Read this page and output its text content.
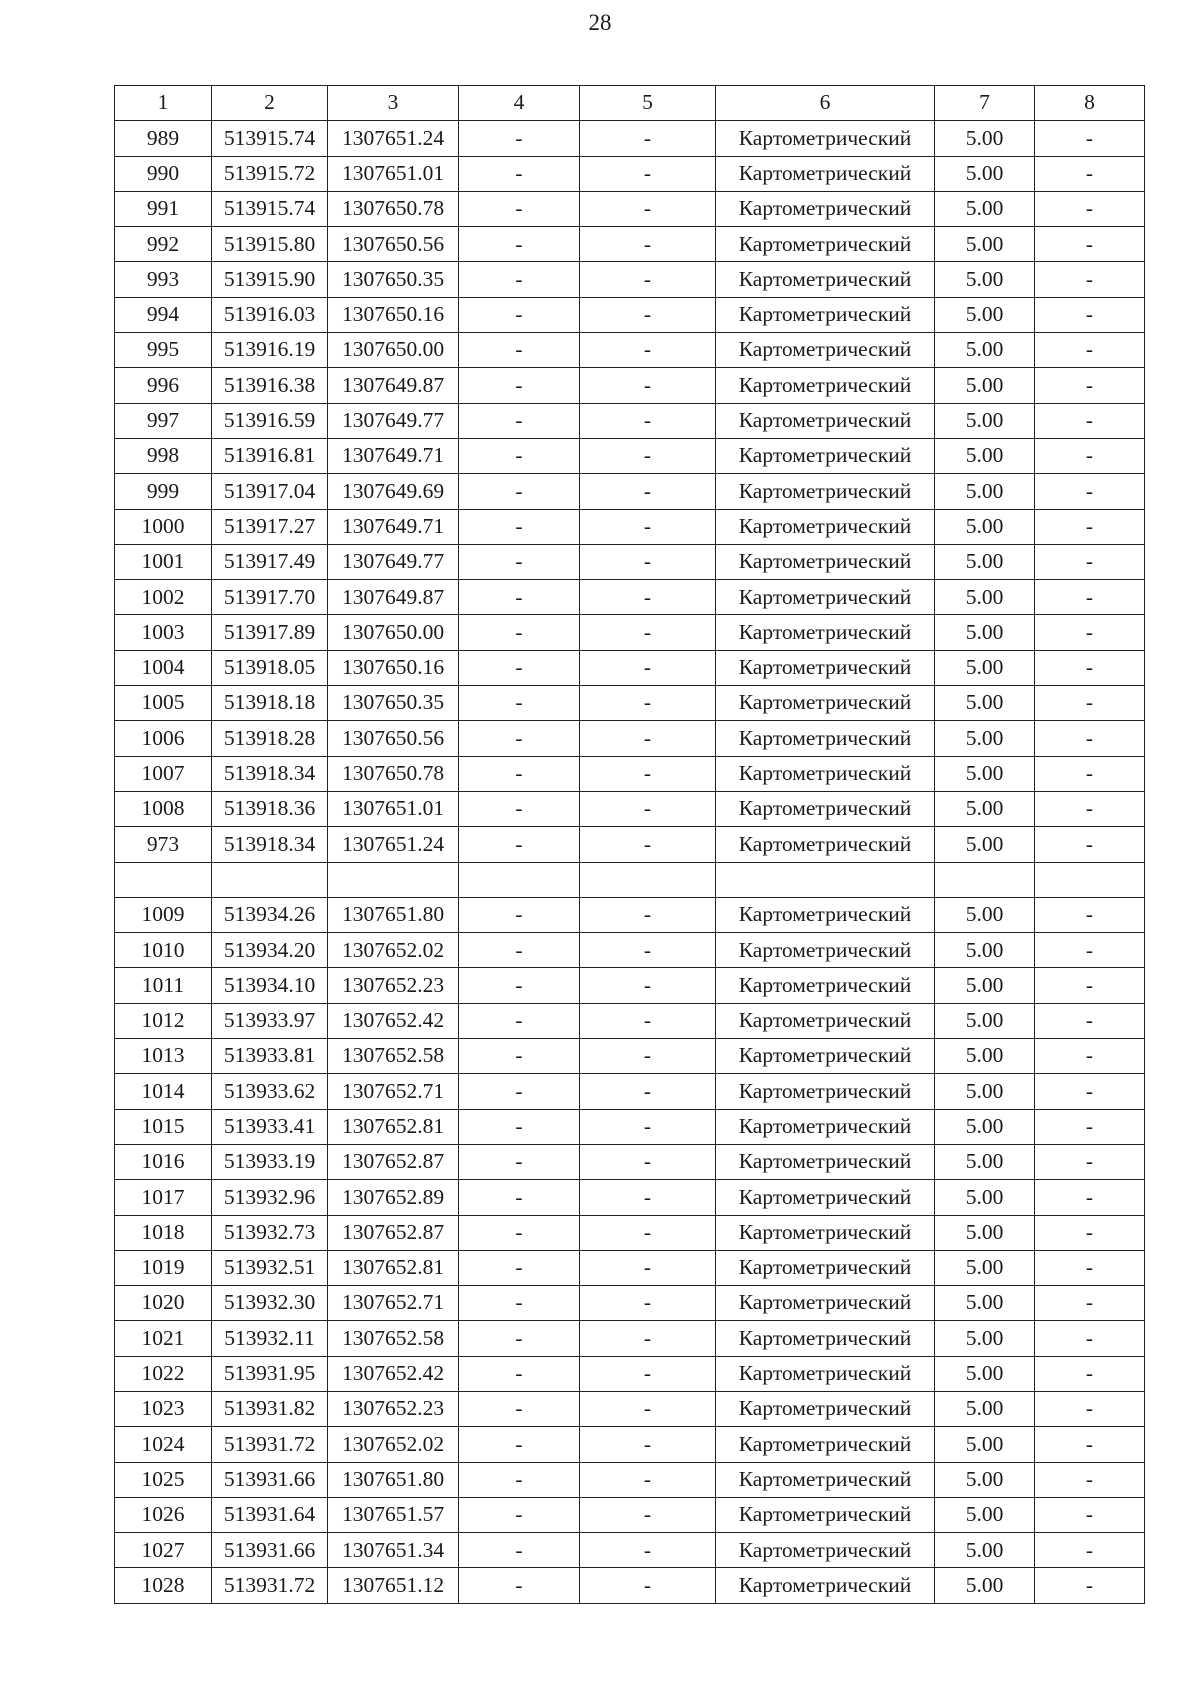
28
1	2	3	4	5	6	7	8
989	513915.74	1307651.24	-	-	Картометрический	5.00	-
990	513915.72	1307651.01	-	-	Картометрический	5.00	-
991	513915.74	1307650.78	-	-	Картометрический	5.00	-
992	513915.80	1307650.56	-	-	Картометрический	5.00	-
993	513915.90	1307650.35	-	-	Картометрический	5.00	-
994	513916.03	1307650.16	-	-	Картометрический	5.00	-
995	513916.19	1307650.00	-	-	Картометрический	5.00	-
996	513916.38	1307649.87	-	-	Картометрический	5.00	-
997	513916.59	1307649.77	-	-	Картометрический	5.00	-
998	513916.81	1307649.71	-	-	Картометрический	5.00	-
999	513917.04	1307649.69	-	-	Картометрический	5.00	-
1000	513917.27	1307649.71	-	-	Картометрический	5.00	-
1001	513917.49	1307649.77	-	-	Картометрический	5.00	-
1002	513917.70	1307649.87	-	-	Картометрический	5.00	-
1003	513917.89	1307650.00	-	-	Картометрический	5.00	-
1004	513918.05	1307650.16	-	-	Картометрический	5.00	-
1005	513918.18	1307650.35	-	-	Картометрический	5.00	-
1006	513918.28	1307650.56	-	-	Картометрический	5.00	-
1007	513918.34	1307650.78	-	-	Картометрический	5.00	-
1008	513918.36	1307651.01	-	-	Картометрический	5.00	-
973	513918.34	1307651.24	-	-	Картометрический	5.00	-

1009	513934.26	1307651.80	-	-	Картометрический	5.00	-
1010	513934.20	1307652.02	-	-	Картометрический	5.00	-
1011	513934.10	1307652.23	-	-	Картометрический	5.00	-
1012	513933.97	1307652.42	-	-	Картометрический	5.00	-
1013	513933.81	1307652.58	-	-	Картометрический	5.00	-
1014	513933.62	1307652.71	-	-	Картометрический	5.00	-
1015	513933.41	1307652.81	-	-	Картометрический	5.00	-
1016	513933.19	1307652.87	-	-	Картометрический	5.00	-
1017	513932.96	1307652.89	-	-	Картометрический	5.00	-
1018	513932.73	1307652.87	-	-	Картометрический	5.00	-
1019	513932.51	1307652.81	-	-	Картометрический	5.00	-
1020	513932.30	1307652.71	-	-	Картометрический	5.00	-
1021	513932.11	1307652.58	-	-	Картометрический	5.00	-
1022	513931.95	1307652.42	-	-	Картометрический	5.00	-
1023	513931.82	1307652.23	-	-	Картометрический	5.00	-
1024	513931.72	1307652.02	-	-	Картометрический	5.00	-
1025	513931.66	1307651.80	-	-	Картометрический	5.00	-
1026	513931.64	1307651.57	-	-	Картометрический	5.00	-
1027	513931.66	1307651.34	-	-	Картометрический	5.00	-
1028	513931.72	1307651.12	-	-	Картометрический	5.00	-
